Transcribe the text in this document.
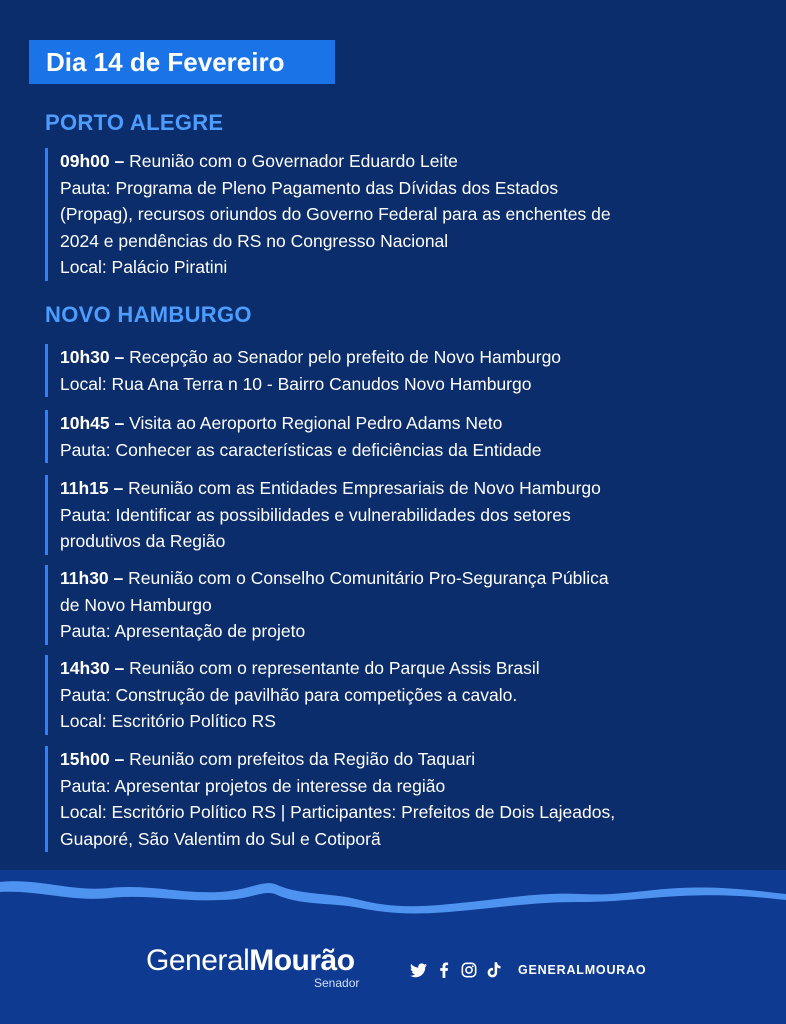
Dia 14 de Fevereiro
PORTO ALEGRE
09h00 – Reunião com o Governador Eduardo Leite
Pauta: Programa de Pleno Pagamento das Dívidas dos Estados
(Propag), recursos oriundos do Governo Federal para as enchentes de
2024 e pendências do RS no Congresso Nacional
Local: Palácio Piratini
NOVO HAMBURGO
10h30 – Recepção ao Senador pelo prefeito de Novo Hamburgo
Local: Rua Ana Terra n 10 - Bairro Canudos Novo Hamburgo
10h45 – Visita ao Aeroporto Regional Pedro Adams Neto
Pauta: Conhecer as características e deficiências da Entidade
11h15 – Reunião com as Entidades Empresariais de Novo Hamburgo
Pauta: Identificar as possibilidades e vulnerabilidades dos setores
produtivos da Região
11h30 – Reunião com o Conselho Comunitário Pro-Segurança Pública
de Novo Hamburgo
Pauta: Apresentação de projeto
14h30 – Reunião com o representante do Parque Assis Brasil
Pauta: Construção de pavilhão para competições a cavalo.
Local: Escritório Político RS
15h00 – Reunião com prefeitos da Região do Taquari
Pauta: Apresentar projetos de interesse da região
Local: Escritório Político RS | Participantes: Prefeitos de Dois Lajeados,
Guaporé, São Valentim do Sul e Cotiporã
GeneralMourão
Senador
GENERALMOURAO
